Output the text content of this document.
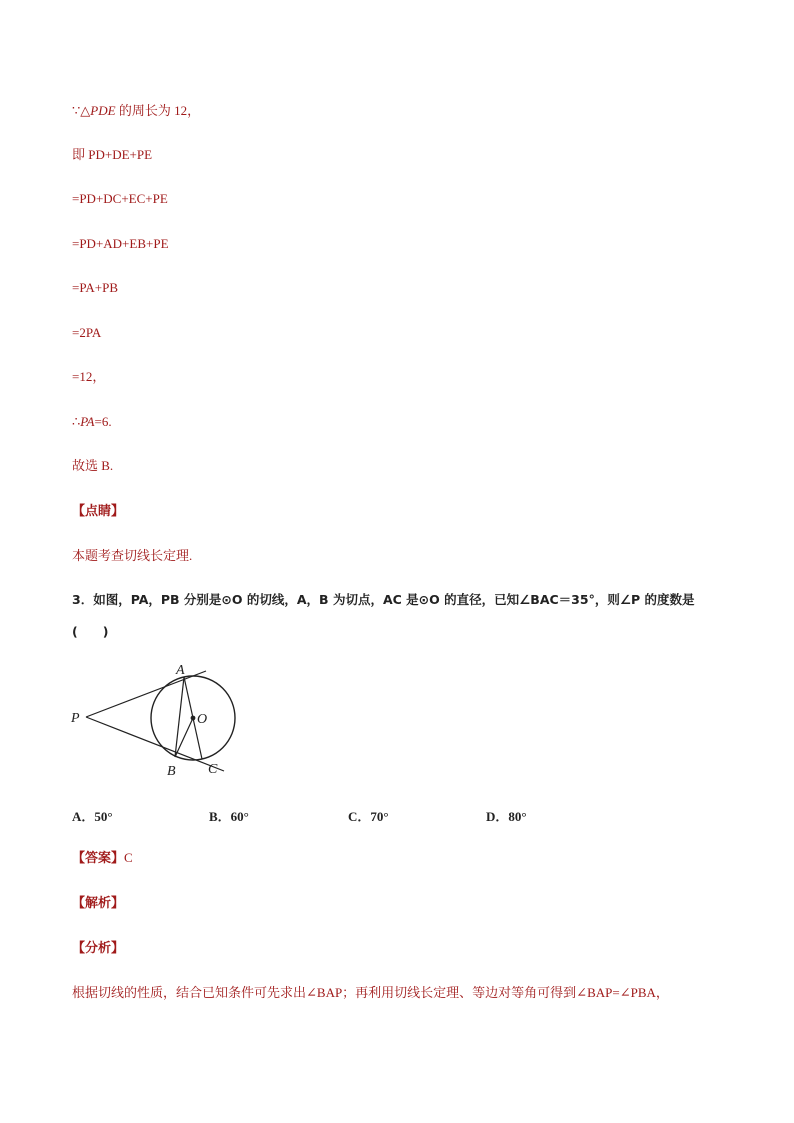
∵△PDE 的周长为 12，
即 PD+DE+PE
=PD+DC+EC+PE
=PD+AD+EB+PE
=PA+PB
=2PA
=12，
∴PA=6.
故选 B.
【点睛】
本题考查切线长定理.
3．如图，PA，PB 分别是⊙O 的切线，A，B 为切点，AC 是⊙O 的直径，已知∠BAC＝35°，则∠P 的度数是
(　　)
P
A
O
B C
A．50°	B．60°	C．70°	D．80°
【答案】C
【解析】
【分析】
根据切线的性质，结合已知条件可先求出∠BAP；再利用切线长定理、等边对等角可得到∠BAP=∠PBA，
